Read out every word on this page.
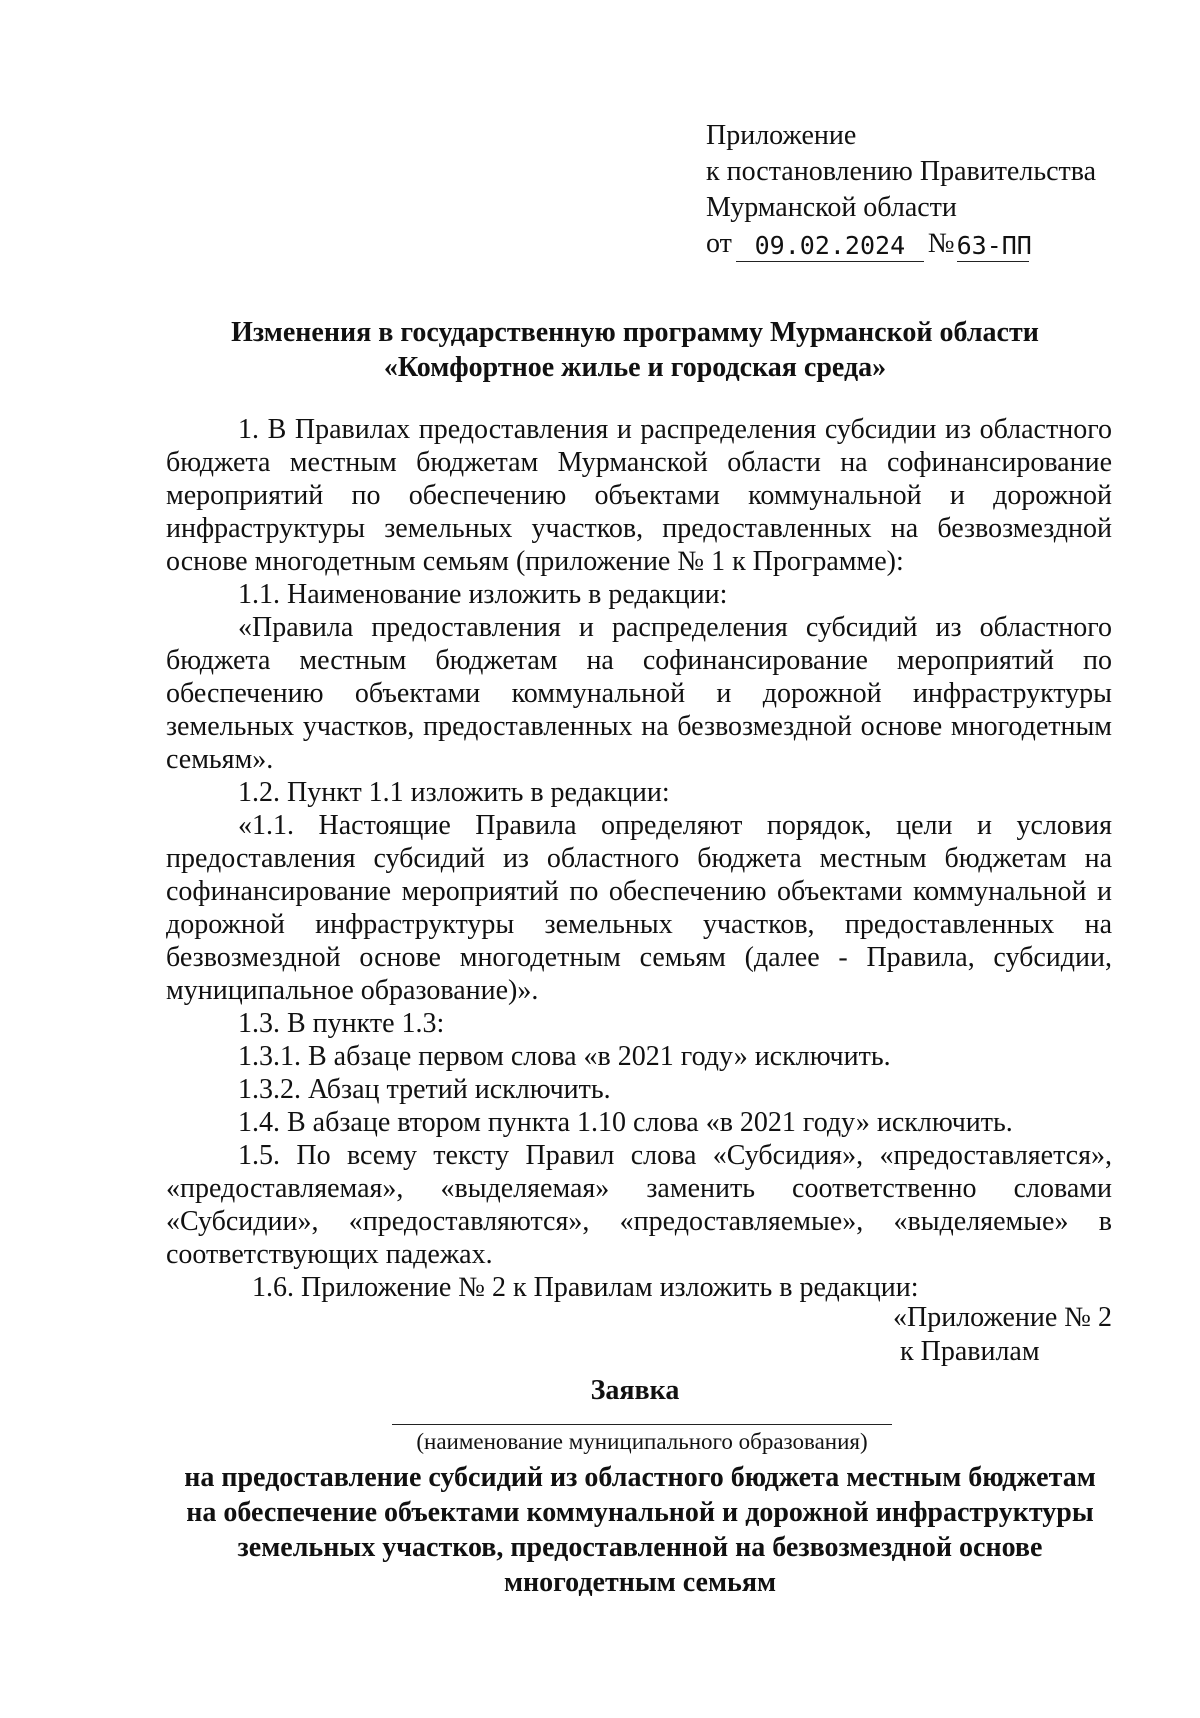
Приложение
к постановлению Правительства
Мурманской области
от 09.02.2024 № 63-ПП
Изменения в государственную программу Мурманской области
«Комфортное жилье и городская среда»

1. В Правилах предоставления и распределения субсидии из областного бюджета местным бюджетам Мурманской области на софинансирование мероприятий по обеспечению объектами коммунальной и дорожной инфраструктуры земельных участков, предоставленных на безвозмездной основе многодетным семьям (приложение № 1 к Программе):

1.1. Наименование изложить в редакции:

«Правила предоставления и распределения субсидий из областного бюджета местным бюджетам на софинансирование мероприятий по обеспечению объектами коммунальной и дорожной инфраструктуры земельных участков, предоставленных на безвозмездной основе многодетным семьям».

1.2. Пункт 1.1 изложить в редакции:

«1.1. Настоящие Правила определяют порядок, цели и условия предоставления субсидий из областного бюджета местным бюджетам на софинансирование мероприятий по обеспечению объектами коммунальной и дорожной инфраструктуры земельных участков, предоставленных на безвозмездной основе многодетным семьям (далее - Правила, субсидии, муниципальное образование)».

1.3. В пункте 1.3:

1.3.1. В абзаце первом слова «в 2021 году» исключить.

1.3.2. Абзац третий исключить.

1.4. В абзаце втором пункта 1.10 слова «в 2021 году» исключить.

1.5. По всему тексту Правил слова «Субсидия», «предоставляется», «предоставляемая», «выделяемая» заменить соответственно словами «Субсидии», «предоставляются», «предоставляемые», «выделяемые» в соответствующих падежах.

1.6. Приложение № 2 к Правилам изложить в редакции:

«Приложение № 2
к Правилам
Заявка
(наименование муниципального образования)
на предоставление субсидий из областного бюджета местным бюджетам
на обеспечение объектами коммунальной и дорожной инфраструктуры
земельных участков, предоставленной на безвозмездной основе
многодетным семьям
